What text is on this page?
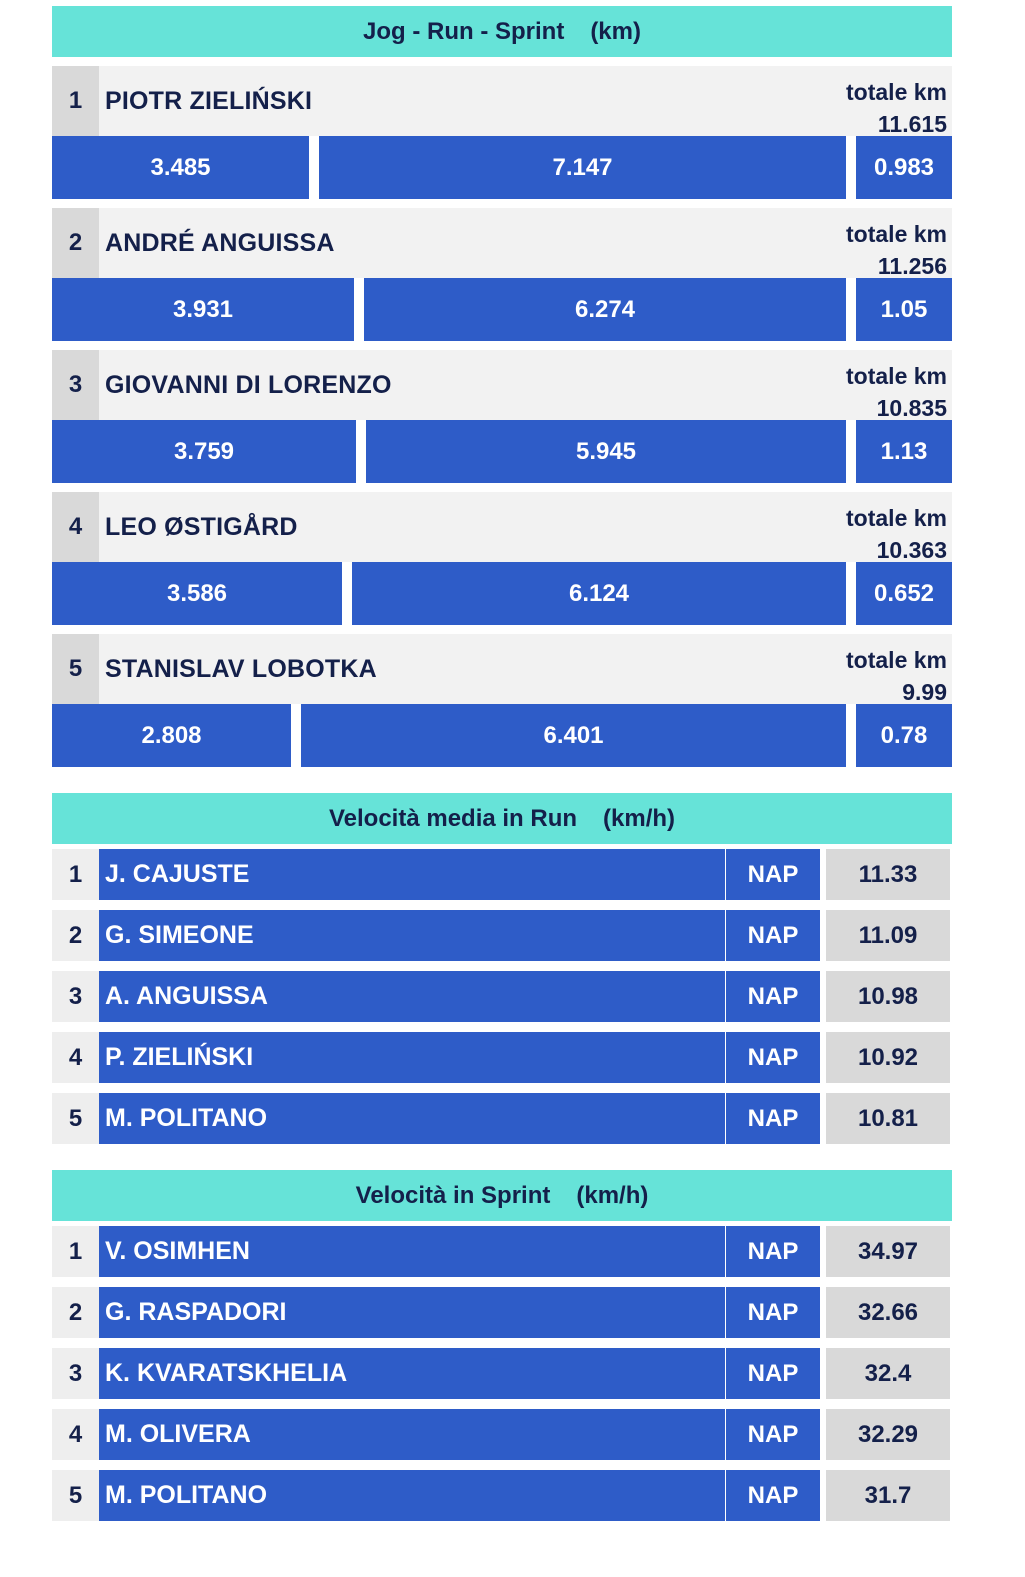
Jog - Run - Sprint (km)
1 PIOTR ZIELIŃSKI	totale km
11.615
3.485	7.147	0.983
2 ANDRÉ ANGUISSA	totale km
11.256
3.931	6.274	1.05
3 GIOVANNI DI LORENZO	totale km
10.835
3.759	5.945	1.13
4 LEO ØSTIGÅRD	totale km
10.363
3.586	6.124	0.652
5 STANISLAV LOBOTKA	totale km
9.99
2.808	6.401	0.78
Velocità media in Run (km/h)
1 J. CAJUSTE	NAP	11.33
2 G. SIMEONE	NAP	11.09
3 A. ANGUISSA	NAP	10.98
4 P. ZIELIŃSKI	NAP	10.92
5 M. POLITANO	NAP	10.81
Velocità in Sprint (km/h)
1 V. OSIMHEN	NAP	34.97
2 G. RASPADORI	NAP	32.66
3 K. KVARATSKHELIA	NAP	32.4
4 M. OLIVERA	NAP	32.29
5 M. POLITANO	NAP	31.7
